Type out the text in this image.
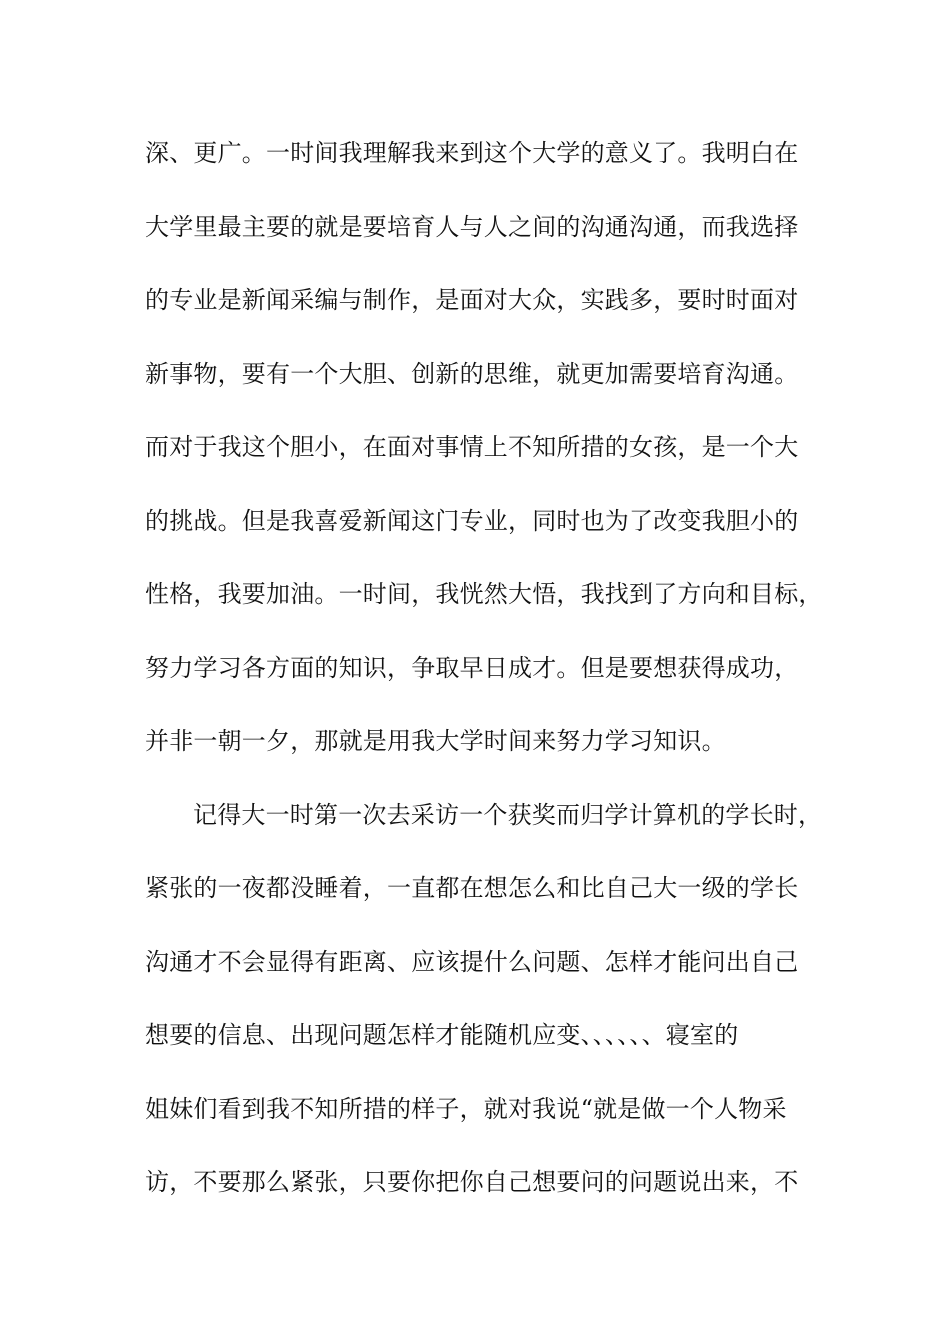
深、更广。一时间我理解我来到这个大学的意义了。我明白在
大学里最主要的就是要培育人与人之间的沟通沟通，而我选择
的专业是新闻采编与制作，是面对大众，实践多，要时时面对
新事物，要有一个大胆、创新的思维，就更加需要培育沟通。
而对于我这个胆小，在面对事情上不知所措的女孩，是一个大
的挑战。但是我喜爱新闻这门专业，同时也为了改变我胆小的
性格，我要加油。一时间，我恍然大悟，我找到了方向和目标，
努力学习各方面的知识，争取早日成才。但是要想获得成功，
并非一朝一夕，那就是用我大学时间来努力学习知识。
记得大一时第一次去采访一个获奖而归学计算机的学长时，
紧张的一夜都没睡着，一直都在想怎么和比自己大一级的学长
沟通才不会显得有距离、应该提什么问题、怎样才能问出自己
想要的信息、出现问题怎样才能随机应变、、、、、、寝室的
姐妹们看到我不知所措的样子，就对我说“就是做一个人物采
访，不要那么紧张，只要你把你自己想要问的问题说出来，不
